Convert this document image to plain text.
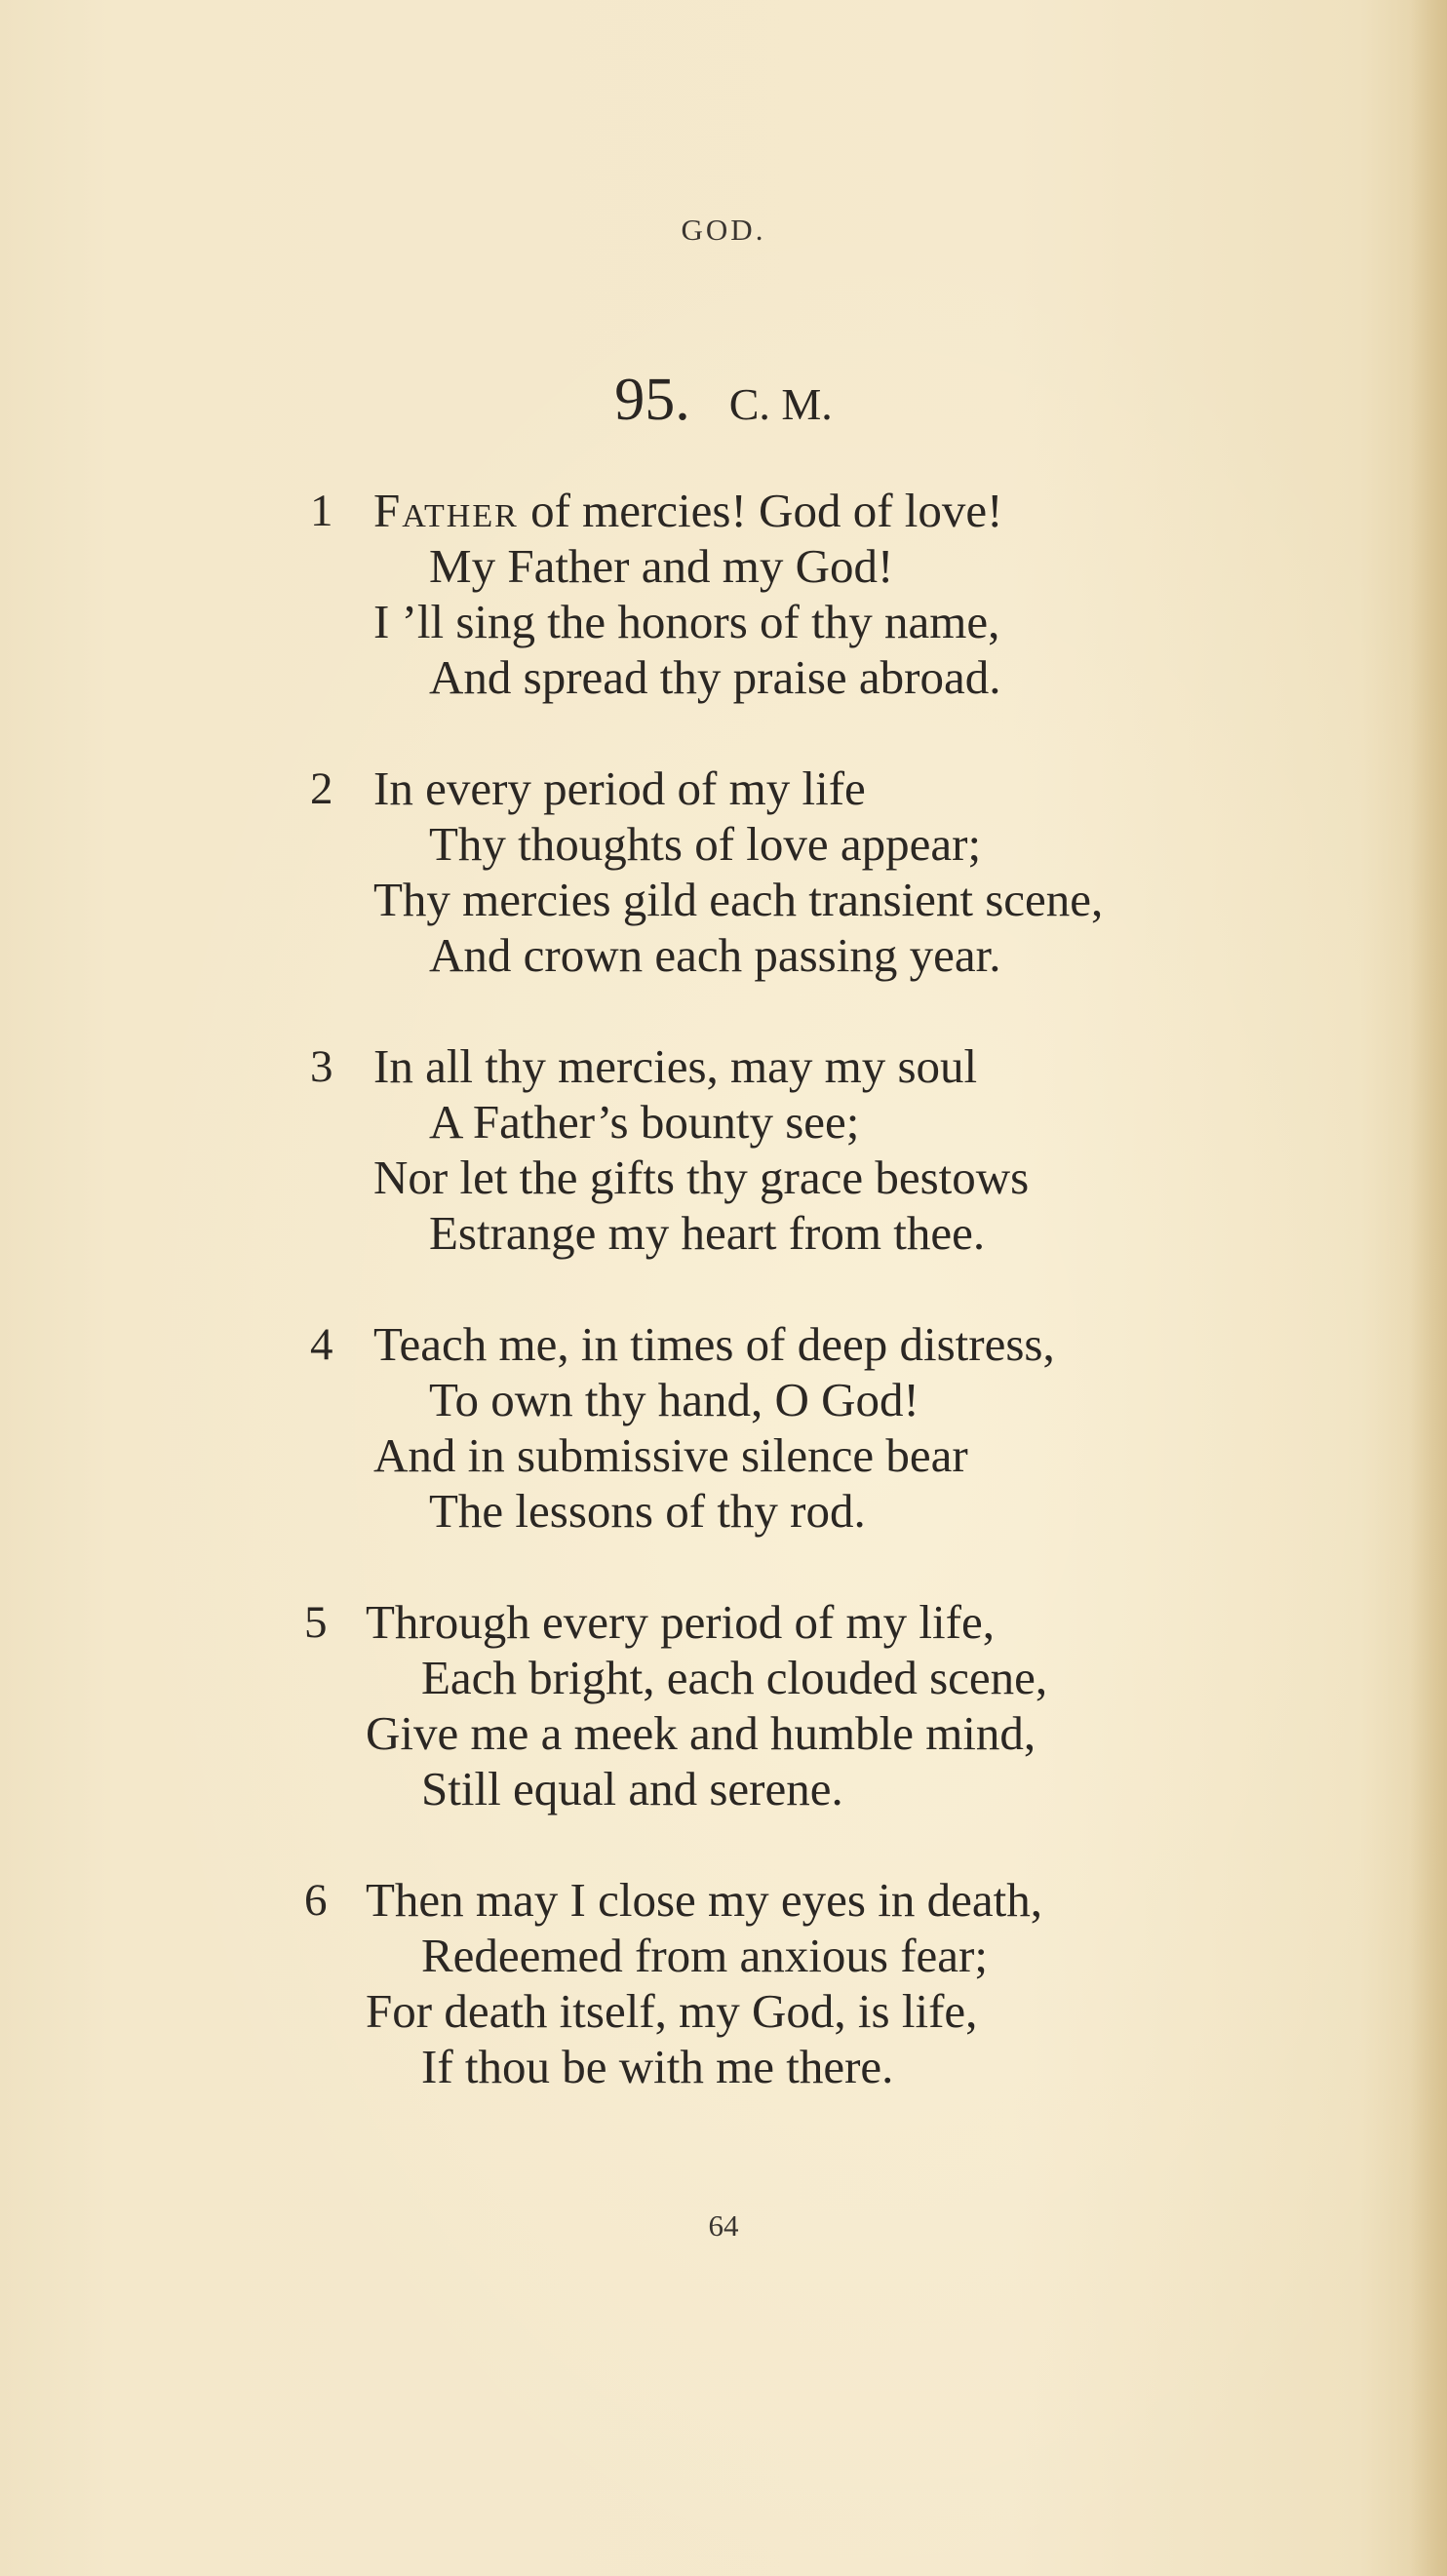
GOD.
95. C. M.
1 Father of mercies! God of love!
My Father and my God!
I ’ll sing the honors of thy name,
And spread thy praise abroad.
2 In every period of my life
Thy thoughts of love appear;
Thy mercies gild each transient scene,
And crown each passing year.
3 In all thy mercies, may my soul
A Father’s bounty see;
Nor let the gifts thy grace bestows
Estrange my heart from thee.
4 Teach me, in times of deep distress,
To own thy hand, O God!
And in submissive silence bear
The lessons of thy rod.
5 Through every period of my life,
Each bright, each clouded scene,
Give me a meek and humble mind,
Still equal and serene.
6 Then may I close my eyes in death,
Redeemed from anxious fear;
For death itself, my God, is life,
If thou be with me there.
64
